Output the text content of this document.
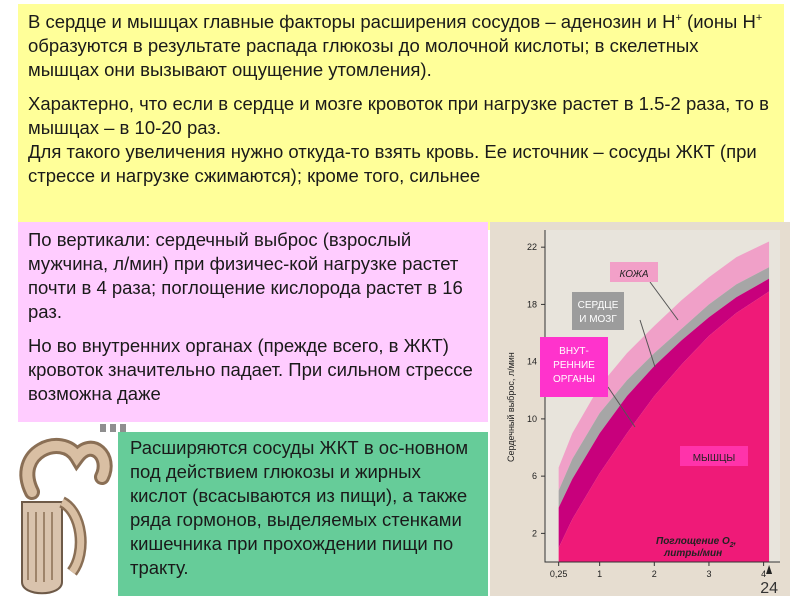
В сердце и мышцах главные факторы расширения сосудов – аденозин и Н+ (ионы Н+ образуются в результате распада глюкозы до молочной кислоты; в скелетных мышцах они вызывают ощущение утомления).

Характерно, что если в сердце и мозге кровоток при нагрузке растет в 1.5-2 раза, то в мышцах – в 10-20 раз.
Для такого увеличения нужно откуда-то взять кровь. Ее источник – сосуды ЖКТ (при стрессе и нагрузке сжимаются); кроме того, сильнее

По вертикали: сердечный выброс (взрослый мужчина, л/мин) при физичес-кой нагрузке растет почти в 4 раза; поглощение кислорода растет в 16 раз.

Но во внутренних органах (прежде всего, в ЖКТ) кровоток значительно падает. При сильном стрессе возможна даже

2
6
10
14
18
22
0,25	1	2	3	4
КОЖА
СЕРДЦЕ
И МОЗГ
ВНУТ-
РЕННИЕ
ОРГАНЫ
МЫШЦЫ
Сердечный выброс, л/мин
Поглощение $О_2$,
литры/мин

Расширяются сосуды ЖКТ в ос-новном под действием глюкозы и жирных кислот (всасываются из пищи), а также ряда гормонов, выделяемых стенками кишечника при прохождении пищи по тракту.

24
